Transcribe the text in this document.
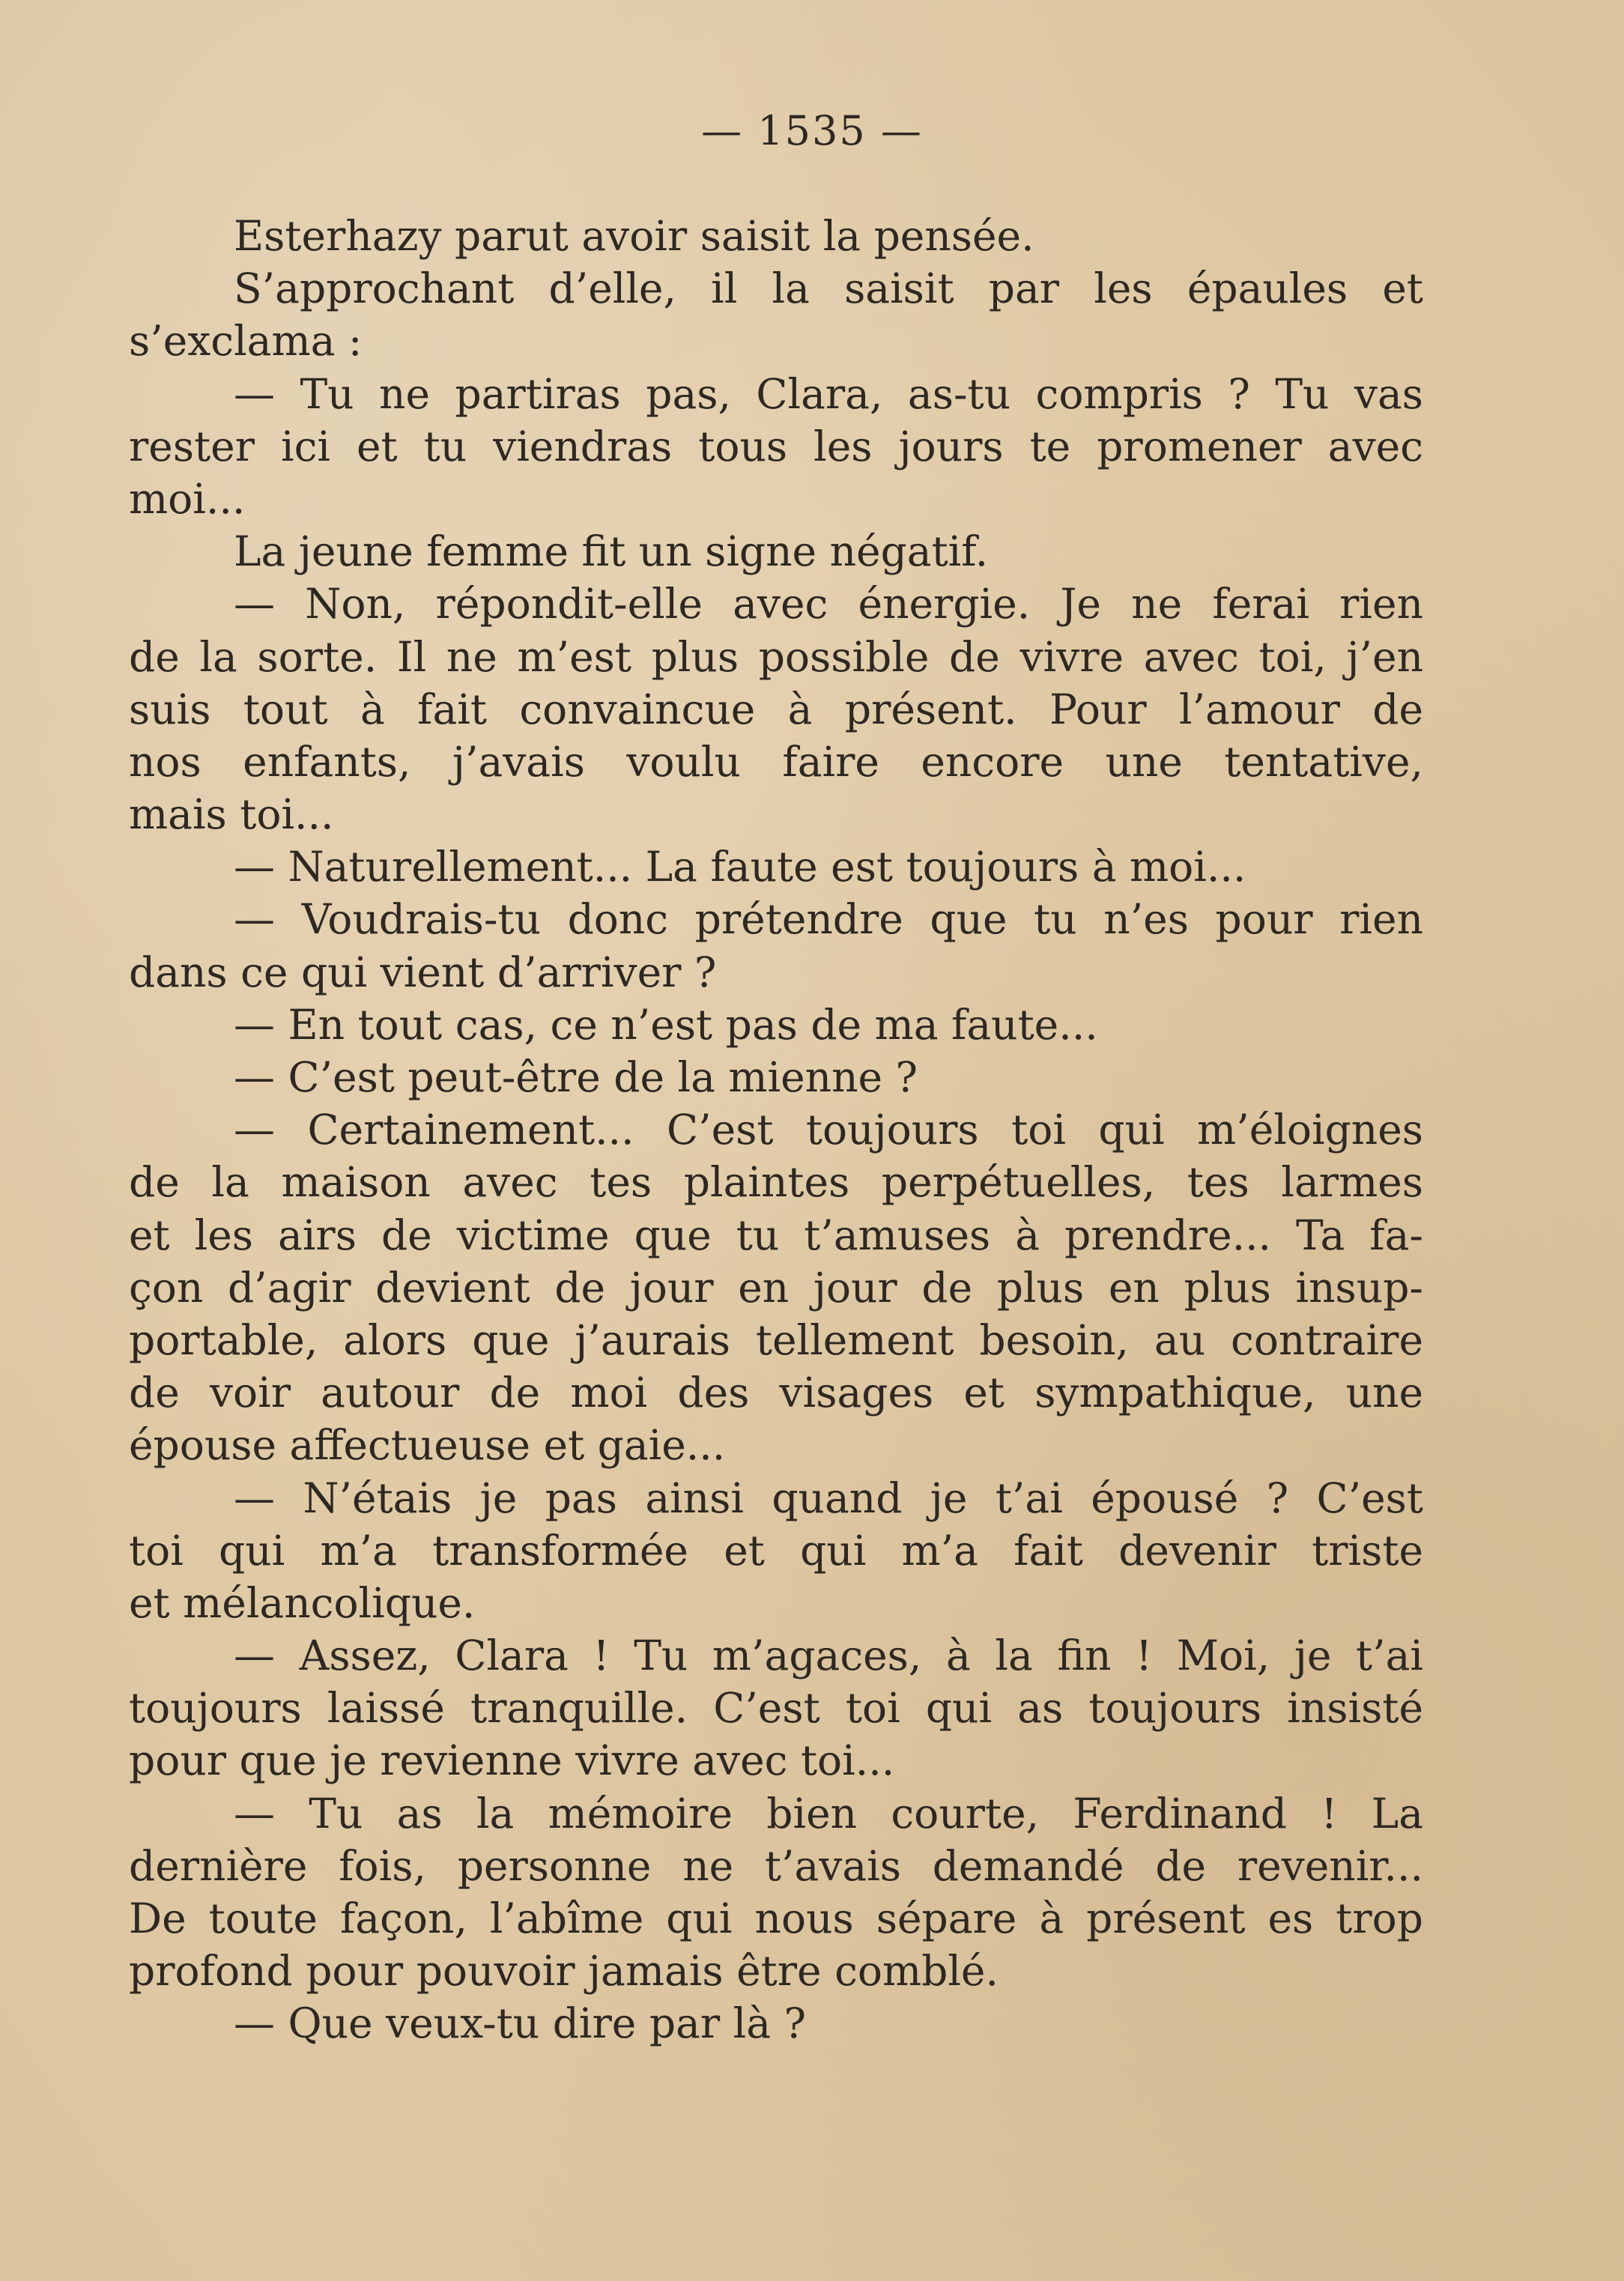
— 1535 —
Esterhazy parut avoir saisit la pensée.
S’approchant d’elle, il la saisit par les épaules et
s’exclama :
— Tu ne partiras pas, Clara, as-tu compris ? Tu vas
rester ici et tu viendras tous les jours te promener avec
moi...
La jeune femme fit un signe négatif.
— Non, répondit-elle avec énergie. Je ne ferai rien
de la sorte. Il ne m’est plus possible de vivre avec toi, j’en
suis tout à fait convaincue à présent. Pour l’amour de
nos enfants, j’avais voulu faire encore une tentative,
mais toi...
— Naturellement... La faute est toujours à moi...
— Voudrais-tu donc prétendre que tu n’es pour rien
dans ce qui vient d’arriver ?
— En tout cas, ce n’est pas de ma faute...
— C’est peut-être de la mienne ?
— Certainement... C’est toujours toi qui m’éloignes
de la maison avec tes plaintes perpétuelles, tes larmes
et les airs de victime que tu t’amuses à prendre... Ta fa-
çon d’agir devient de jour en jour de plus en plus insup-
portable, alors que j’aurais tellement besoin, au contraire
de voir autour de moi des visages et sympathique, une
épouse affectueuse et gaie...
— N’étais je pas ainsi quand je t’ai épousé ? C’est
toi qui m’a transformée et qui m’a fait devenir triste
et mélancolique.
— Assez, Clara ! Tu m’agaces, à la fin ! Moi, je t’ai
toujours laissé tranquille. C’est toi qui as toujours insisté
pour que je revienne vivre avec toi...
— Tu as la mémoire bien courte, Ferdinand ! La
dernière fois, personne ne t’avais demandé de revenir...
De toute façon, l’abîme qui nous sépare à présent es trop
profond pour pouvoir jamais être comblé.
— Que veux-tu dire par là ?
